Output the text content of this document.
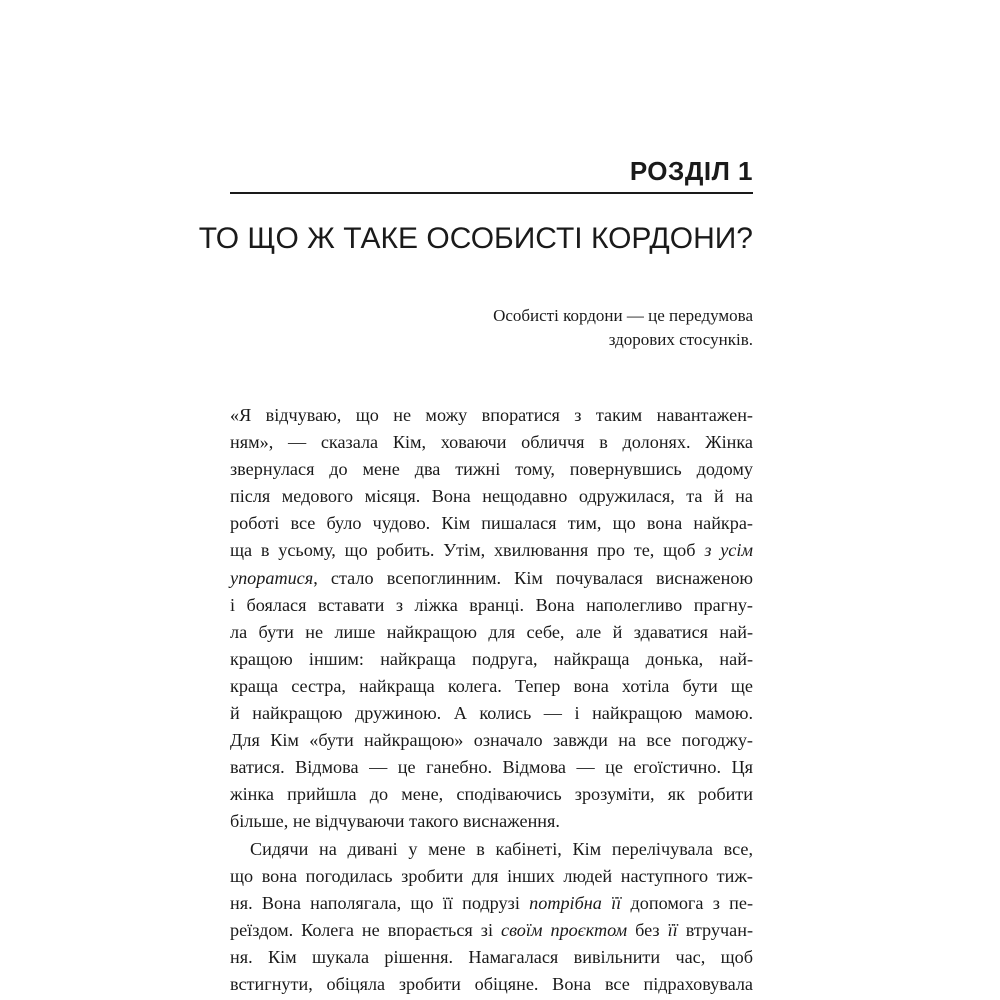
РОЗДІЛ 1
ТО ЩО Ж ТАКЕ ОСОБИСТІ КОРДОНИ?
Особисті кордони — це передумова
здорових стосунків.
«Я відчуваю, що не можу впоратися з таким навантажен-
ням», — сказала Кім, ховаючи обличчя в долонях. Жінка
звернулася до мене два тижні тому, повернувшись додому
після медового місяця. Вона нещодавно одружилася, та й на
роботі все було чудово. Кім пишалася тим, що вона найкра-
ща в усьому, що робить. Утім, хвилювання про те, щоб з усім
упоратися, стало всепоглинним. Кім почувалася виснаженою
і боялася вставати з ліжка вранці. Вона наполегливо прагну-
ла бути не лише найкращою для себе, але й здаватися най-
кращою іншим: найкраща подруга, найкраща донька, най-
краща сестра, найкраща колега. Тепер вона хотіла бути ще
й найкращою дружиною. А колись — і найкращою мамою.
Для Кім «бути найкращою» означало завжди на все погоджу-
ватися. Відмова — це ганебно. Відмова — це егоїстично. Ця
жінка прийшла до мене, сподіваючись зрозуміти, як робити
більше, не відчуваючи такого виснаження.
Сидячи на дивані у мене в кабінеті, Кім перелічувала все,
що вона погодилась зробити для інших людей наступного тиж-
ня. Вона наполягала, що її подрузі потрібна її допомога з пе-
реїздом. Колега не впорається зі своїм проєктом без її втручан-
ня. Кім шукала рішення. Намагалася вивільнити час, щоб
встигнути, обіцяла зробити обіцяне. Вона все підраховувала
